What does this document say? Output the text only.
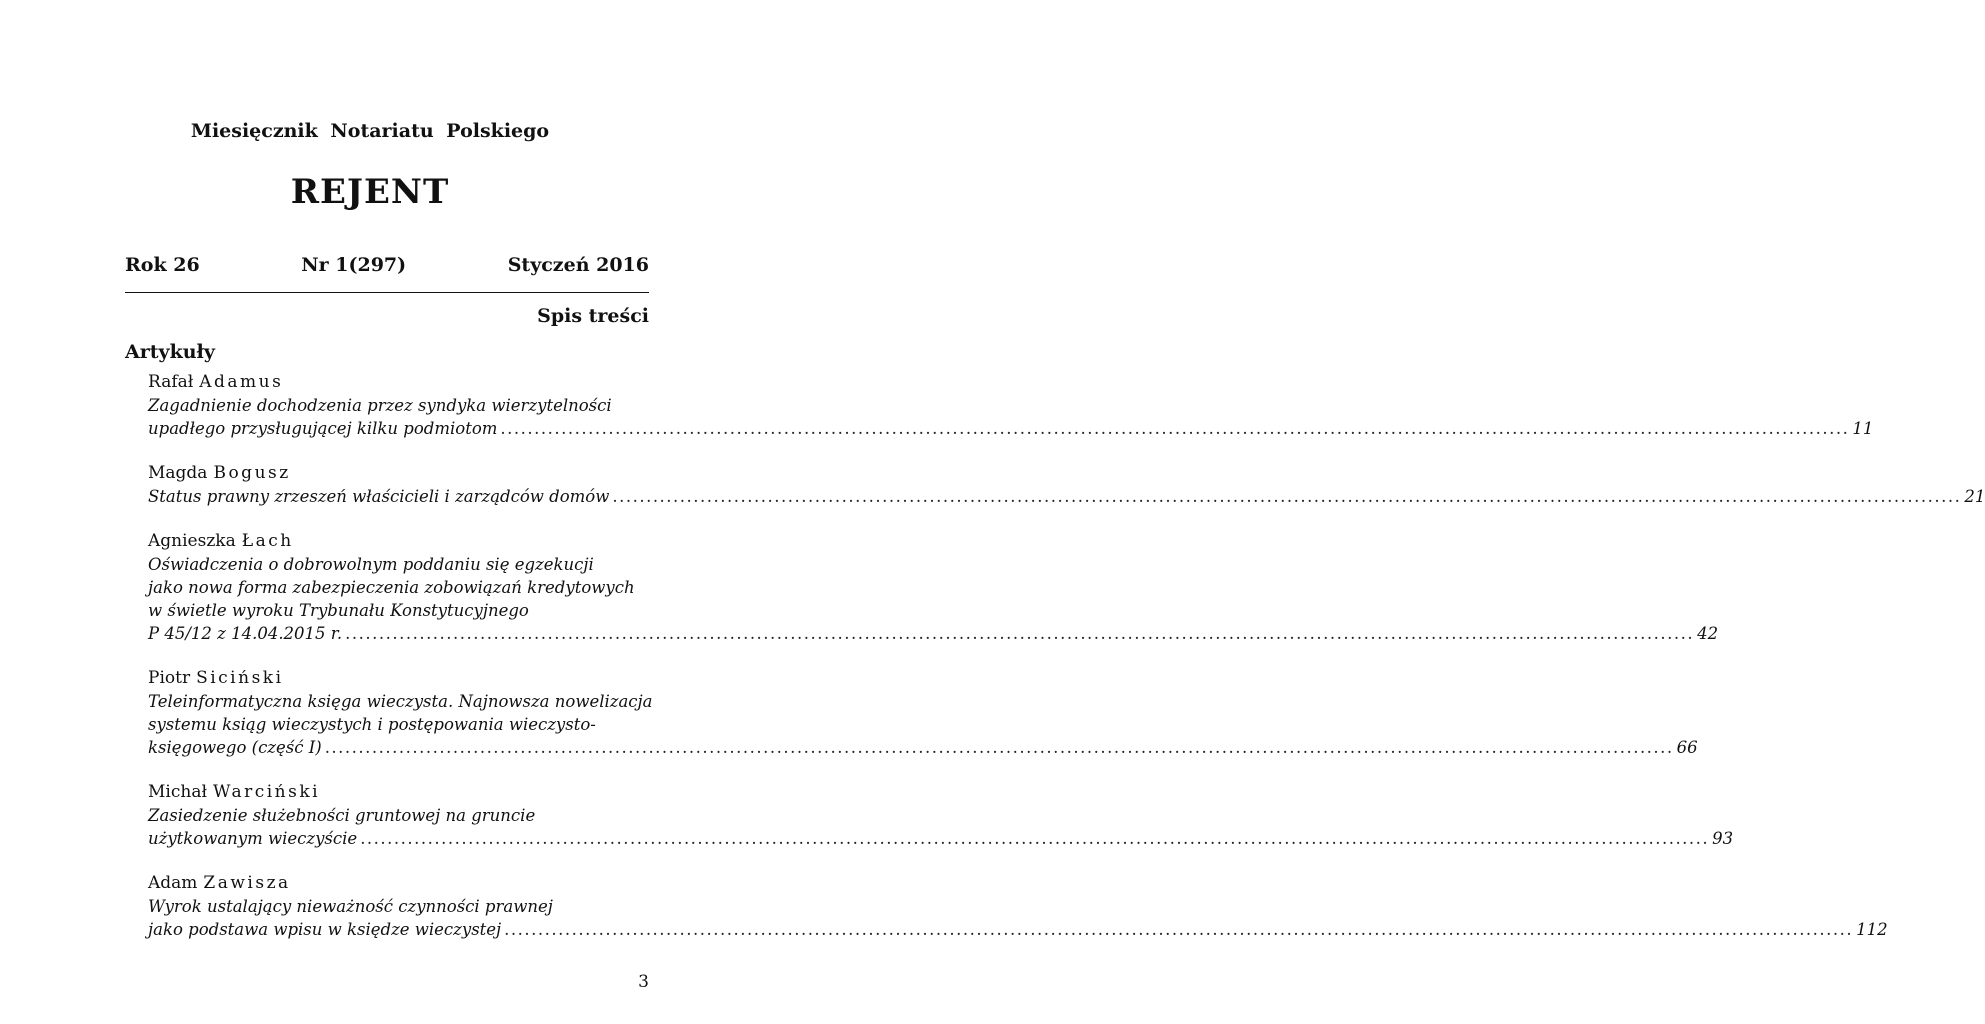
Miesięcznik Notariatu Polskiego
REJENT
Rok 26	Nr 1(297)	Styczeń 2016
Spis treści
Artykuły
Rafał Adamus
Zagadnienie dochodzenia przez syndyka wierzytelności
upadłego przysługującej kilku podmiotom ........................................................................................................................................................................................................ 11
Magda Bogusz
Status prawny zrzeszeń właścicieli i zarządców domów ........................................................................................................................................................................................................ 21
Agnieszka Łach
Oświadczenia o dobrowolnym poddaniu się egzekucji
jako nowa forma zabezpieczenia zobowiązań kredytowych
w świetle wyroku Trybunału Konstytucyjnego
P 45/12 z 14.04.2015 r. ........................................................................................................................................................................................................ 42
Piotr Siciński
Teleinformatyczna księga wieczysta. Najnowsza nowelizacja
systemu ksiąg wieczystych i postępowania wieczysto-
księgowego (część I) ........................................................................................................................................................................................................ 66
Michał Warciński
Zasiedzenie służebności gruntowej na gruncie
użytkowanym wieczyście ........................................................................................................................................................................................................ 93
Adam Zawisza
Wyrok ustalający nieważność czynności prawnej
jako podstawa wpisu w księdze wieczystej ........................................................................................................................................................................................................ 112
3
